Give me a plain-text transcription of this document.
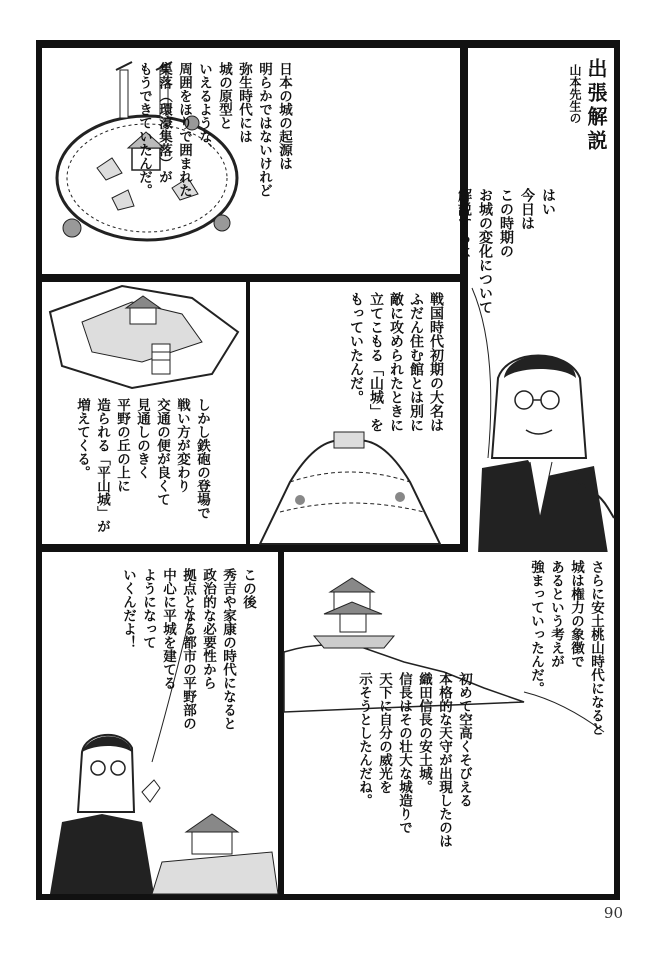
日本の城の起源は
明らかではないけれど
弥生時代には
城の原型と
いえるような、
周囲をほりで囲まれた
集落（環濠集落）が
もうできていたんだ。	山本先生の 出張解説
はい
今日は
この時期の
お城の変化について
解説するよ
戦国時代初期の大名は
ふだん住む館とは別に
敵に攻められたときに
立てこもる「山城」を
もっていたんだ。
しかし鉄砲の登場で
戦い方が変わり
交通の便が良くて
見通しのきく
平野の丘の上に
造られる「平山城」が
増えてくる。
さらに安土桃山時代になると
城は権力の象徴で
あるという考えが
強まっていったんだ。
初めて空高くそびえる
本格的な天守が出現したのは
織田信長の安土城。
信長はその壮大な城造りで
天下に自分の威光を
示そうとしたんだね。
この後
秀吉や家康の時代になると
政治的な必要性から
拠点となる都市の平野部の
中心に平城を建てる
ようになって
いくんだよ！
90
